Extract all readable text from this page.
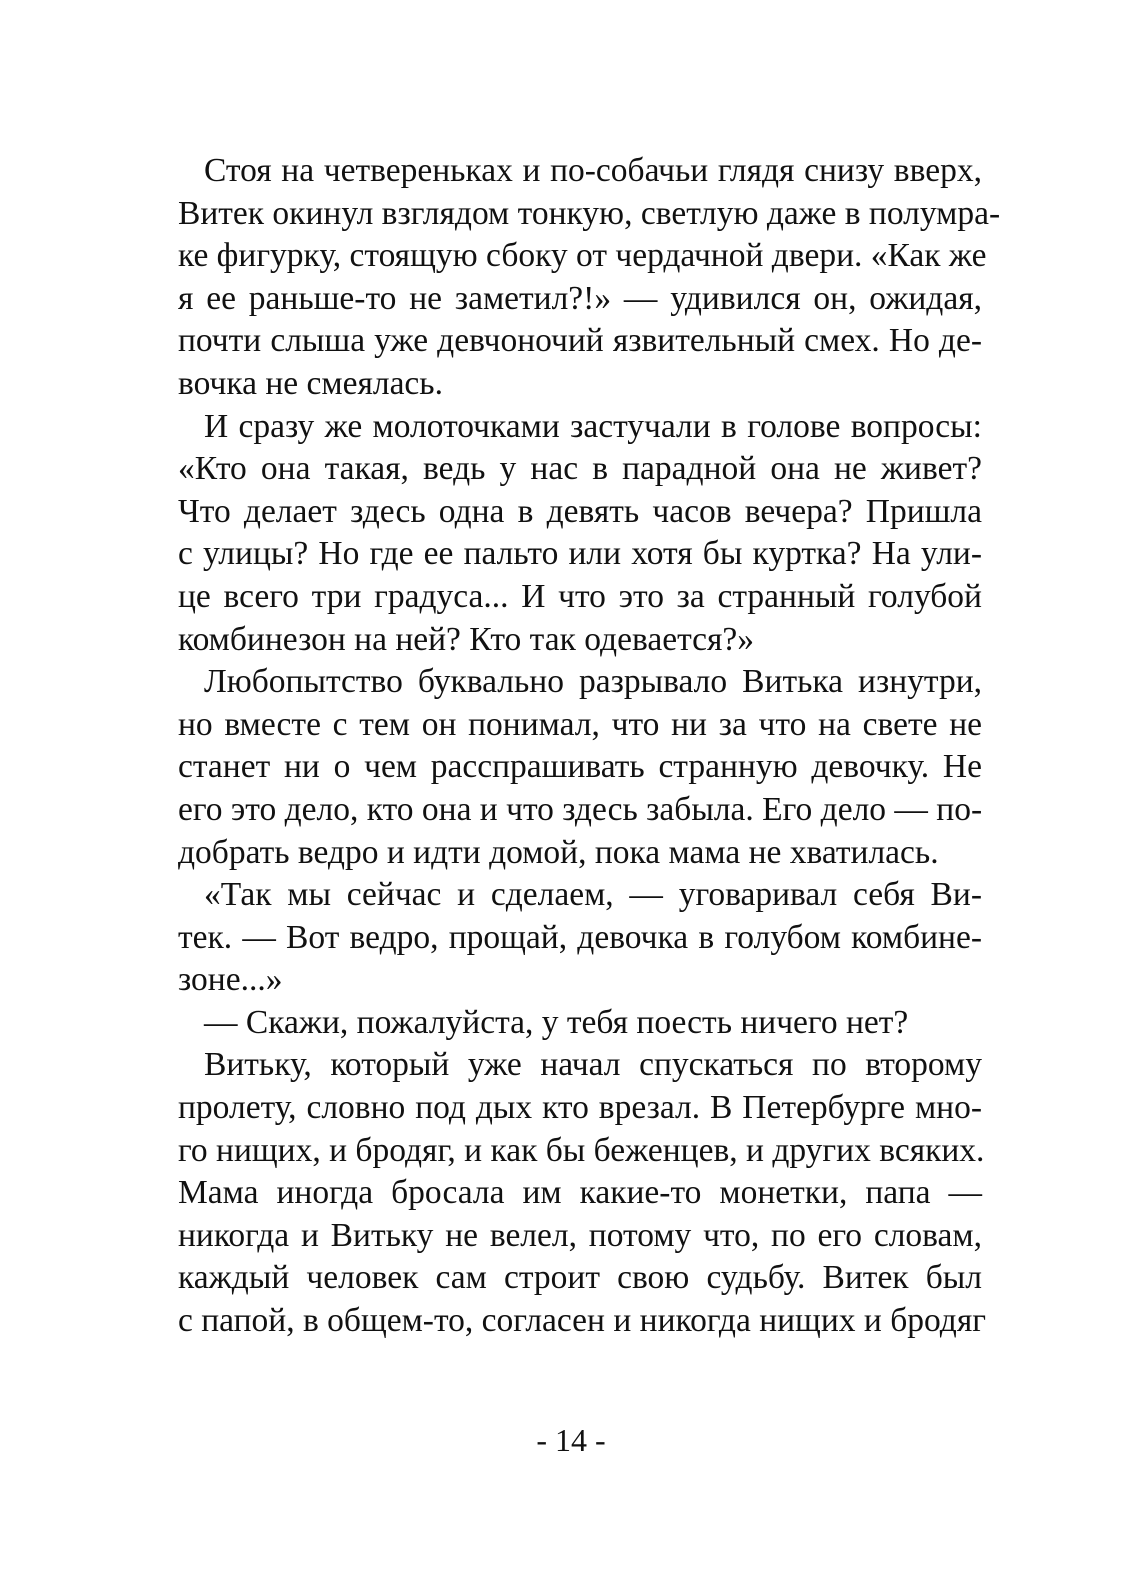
Стоя на четвереньках и по-собачьи глядя снизу вверх,
Витек окинул взглядом тонкую, светлую даже в полумра-
ке фигурку, стоящую сбоку от чердачной двери. «Как же
я ее раньше-то не заметил?!» — удивился он, ожидая,
почти слыша уже девчоночий язвительный смех. Но де-
вочка не смеялась.
И сразу же молоточками застучали в голове вопросы:
«Кто она такая, ведь у нас в парадной она не живет?
Что делает здесь одна в девять часов вечера? Пришла
с улицы? Но где ее пальто или хотя бы куртка? На ули-
це всего три градуса... И что это за странный голубой
комбинезон на ней? Кто так одевается?»
Любопытство буквально разрывало Витька изнутри,
но вместе с тем он понимал, что ни за что на свете не
станет ни о чем расспрашивать странную девочку. Не
его это дело, кто она и что здесь забыла. Его дело — по-
добрать ведро и идти домой, пока мама не хватилась.
«Так мы сейчас и сделаем, — уговаривал себя Ви-
тек. — Вот ведро, прощай, девочка в голубом комбине-
зоне...»
— Скажи, пожалуйста, у тебя поесть ничего нет?
Витьку, который уже начал спускаться по второму
пролету, словно под дых кто врезал. В Петербурге мно-
го нищих, и бродяг, и как бы беженцев, и других всяких.
Мама иногда бросала им какие-то монетки, папа —
никогда и Витьку не велел, потому что, по его словам,
каждый человек сам строит свою судьбу. Витек был
с папой, в общем-то, согласен и никогда нищих и бродяг
- 14 -
